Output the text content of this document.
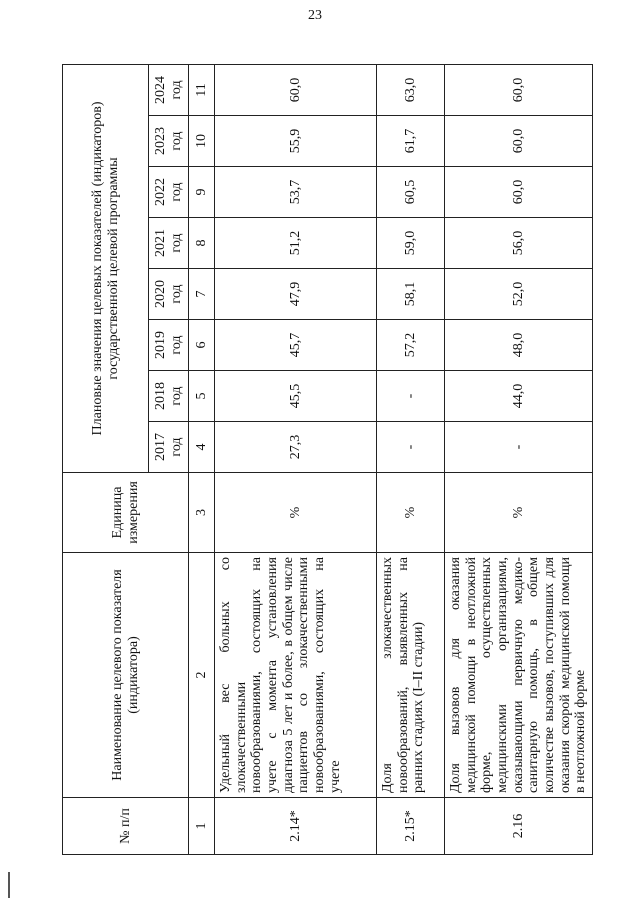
23
№ п/п	Наименование целевого показателя (индикатора)	Единица измерения	Плановые значения целевых показателей (индикаторов) государственной целевой программы							
			2017 год	2018 год	2019 год	2020 год	2021 год	2022 год	2023 год	2024 год
1	2	3	4	5	6	7	8	9	10	11
2.14*	Удельный вес больных со злокачественными новообразованиями, состоящих на учете с момента установления диагноза 5 лет и более, в общем числе пациентов со злокачественными новообразованиями, состоящих на учете	%	27,3	45,5	45,7	47,9	51,2	53,7	55,9	60,0
2.15*	Доля злокачественных новообразований, выявленных на ранних стадиях (I–II стадии)	%	-	-	57,2	58,1	59,0	60,5	61,7	63,0
2.16	Доля вызовов для оказания медицинской помощи в неотложной форме, осуществленных медицинскими организациями, оказывающими первичную медико-санитарную помощь, в общем количестве вызовов, поступивших для оказания скорой медицинской помощи в неотложной форме	%	-	44,0	48,0	52,0	56,0	60,0	60,0	60,0
